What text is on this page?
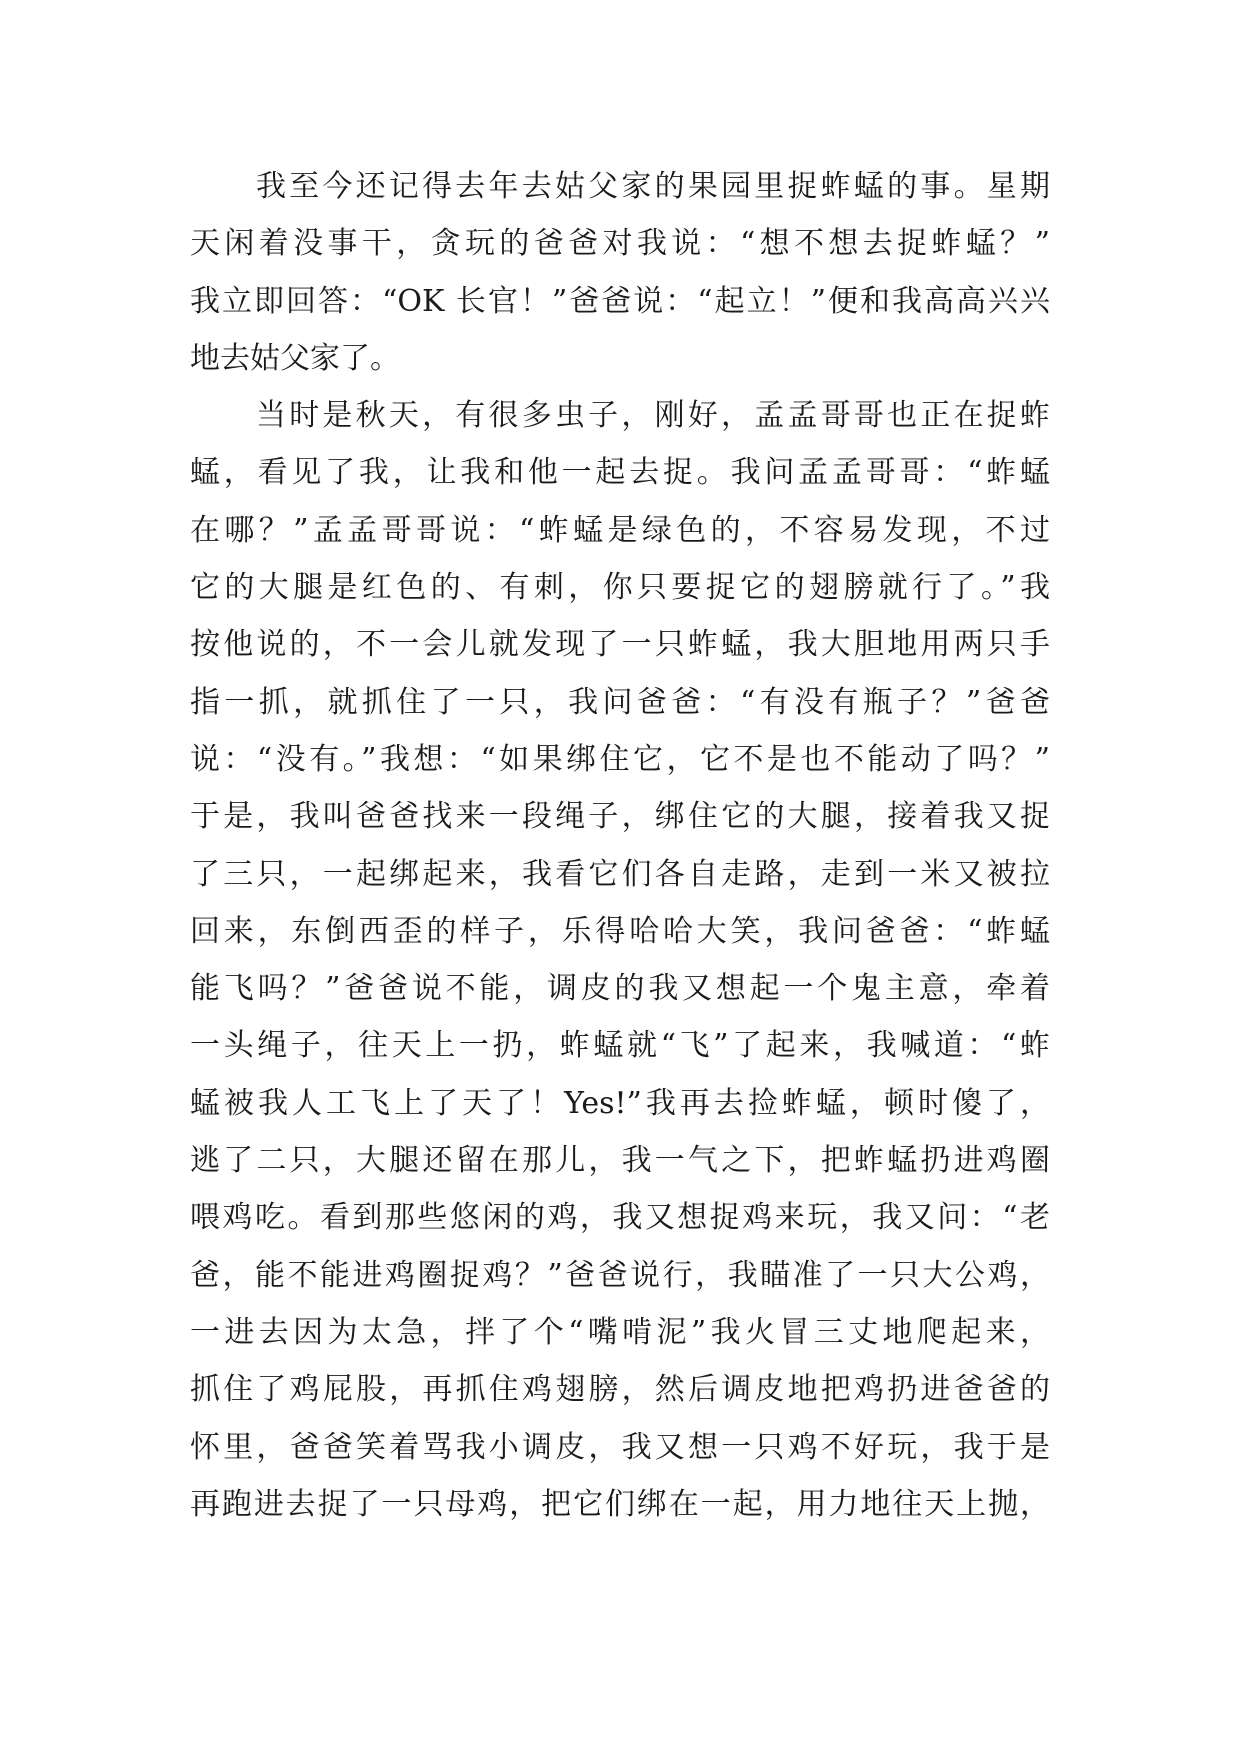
我至今还记得去年去姑父家的果园里捉蚱蜢的事。星期
天闲着没事干，贪玩的爸爸对我说：“想不想去捉蚱蜢？”
我立即回答：“OK 长官！”爸爸说：“起立！”便和我高高兴兴
地去姑父家了。
当时是秋天，有很多虫子，刚好，孟孟哥哥也正在捉蚱
蜢，看见了我，让我和他一起去捉。我问孟孟哥哥：“蚱蜢
在哪？”孟孟哥哥说：“蚱蜢是绿色的，不容易发现，不过
它的大腿是红色的、有刺，你只要捉它的翅膀就行了。”我
按他说的，不一会儿就发现了一只蚱蜢，我大胆地用两只手
指一抓，就抓住了一只，我问爸爸：“有没有瓶子？”爸爸
说：“没有。”我想：“如果绑住它，它不是也不能动了吗？”
于是，我叫爸爸找来一段绳子，绑住它的大腿，接着我又捉
了三只，一起绑起来，我看它们各自走路，走到一米又被拉
回来，东倒西歪的样子，乐得哈哈大笑，我问爸爸：“蚱蜢
能飞吗？”爸爸说不能，调皮的我又想起一个鬼主意，牵着
一头绳子，往天上一扔，蚱蜢就“飞”了起来，我喊道：“蚱
蜢被我人工飞上了天了！Yes!”我再去捡蚱蜢，顿时傻了，
逃了二只，大腿还留在那儿，我一气之下，把蚱蜢扔进鸡圈
喂鸡吃。看到那些悠闲的鸡，我又想捉鸡来玩，我又问：“老
爸，能不能进鸡圈捉鸡？”爸爸说行，我瞄准了一只大公鸡，
一进去因为太急，拌了个“嘴啃泥”我火冒三丈地爬起来，
抓住了鸡屁股，再抓住鸡翅膀，然后调皮地把鸡扔进爸爸的
怀里，爸爸笑着骂我小调皮，我又想一只鸡不好玩，我于是
再跑进去捉了一只母鸡，把它们绑在一起，用力地往天上抛，
